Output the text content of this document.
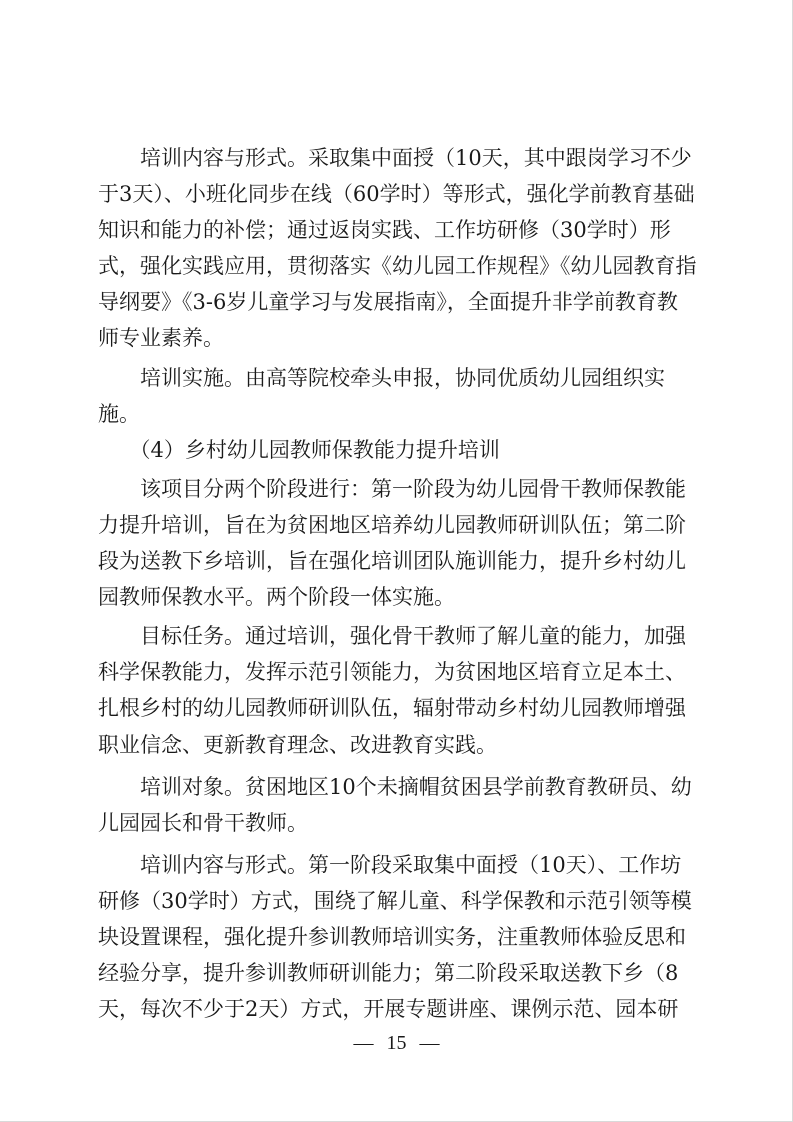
　　培训内容与形式。采取集中面授（10天，其中跟岗学习不少于3天）、小班化同步在线（60学时）等形式，强化学前教育基础知识和能力的补偿；通过返岗实践、工作坊研修（30学时）形式，强化实践应用，贯彻落实《幼儿园工作规程》《幼儿园教育指导纲要》《3-6岁儿童学习与发展指南》，全面提升非学前教育教师专业素养。

　　培训实施。由高等院校牵头申报，协同优质幼儿园组织实施。

　　（4）乡村幼儿园教师保教能力提升培训

　　该项目分两个阶段进行：第一阶段为幼儿园骨干教师保教能力提升培训，旨在为贫困地区培养幼儿园教师研训队伍；第二阶段为送教下乡培训，旨在强化培训团队施训能力，提升乡村幼儿园教师保教水平。两个阶段一体实施。

　　目标任务。通过培训，强化骨干教师了解儿童的能力，加强科学保教能力，发挥示范引领能力，为贫困地区培育立足本土、扎根乡村的幼儿园教师研训队伍，辐射带动乡村幼儿园教师增强职业信念、更新教育理念、改进教育实践。

　　培训对象。贫困地区10个未摘帽贫困县学前教育教研员、幼儿园园长和骨干教师。

　　培训内容与形式。第一阶段采取集中面授（10天）、工作坊研修（30学时）方式，围绕了解儿童、科学保教和示范引领等模块设置课程，强化提升参训教师培训实务，注重教师体验反思和经验分享，提升参训教师研训能力；第二阶段采取送教下乡（8天，每次不少于2天）方式，开展专题讲座、课例示范、园本研

— 15 —
